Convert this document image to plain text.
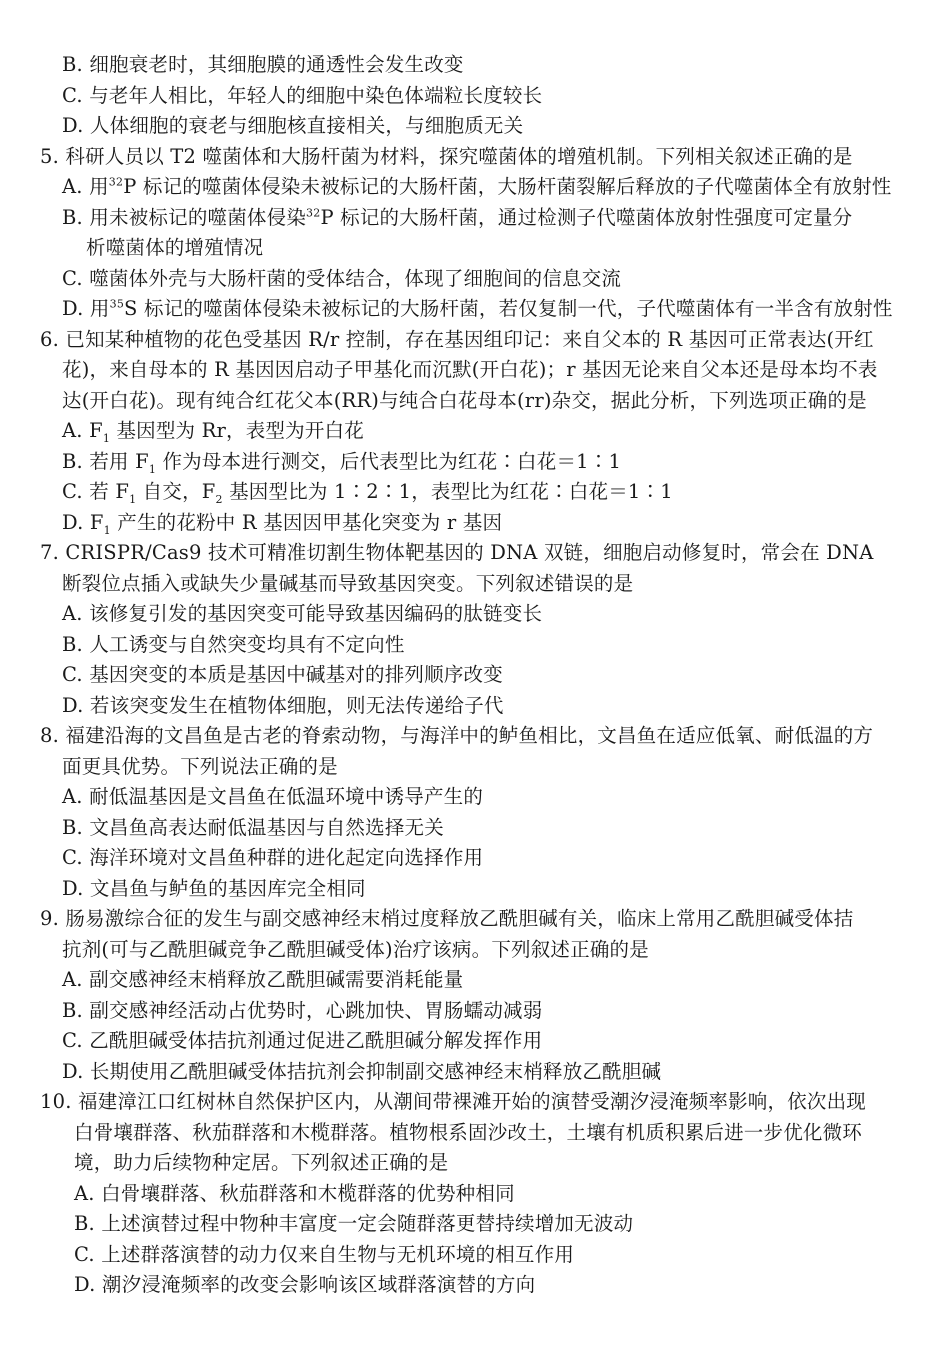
B. 细胞衰老时，其细胞膜的通透性会发生改变
C. 与老年人相比，年轻人的细胞中染色体端粒长度较长
D. 人体细胞的衰老与细胞核直接相关，与细胞质无关
5. 科研人员以 T2 噬菌体和大肠杆菌为材料，探究噬菌体的增殖机制。下列相关叙述正确的是
A. 用$^{32}$P 标记的噬菌体侵染未被标记的大肠杆菌，大肠杆菌裂解后释放的子代噬菌体全有放射性
B. 用未被标记的噬菌体侵染$^{32}$P 标记的大肠杆菌，通过检测子代噬菌体放射性强度可定量分
析噬菌体的增殖情况
C. 噬菌体外壳与大肠杆菌的受体结合，体现了细胞间的信息交流
D. 用$^{35}$S 标记的噬菌体侵染未被标记的大肠杆菌，若仅复制一代，子代噬菌体有一半含有放射性
6. 已知某种植物的花色受基因 R/r 控制，存在基因组印记：来自父本的 R 基因可正常表达(开红
花)，来自母本的 R 基因因启动子甲基化而沉默(开白花)；r 基因无论来自父本还是母本均不表
达(开白花)。现有纯合红花父本(RR)与纯合白花母本(rr)杂交，据此分析，下列选项正确的是
A. $F_1$ 基因型为 Rr，表型为开白花
B. 若用 $F_1$ 作为母本进行测交，后代表型比为红花∶白花＝1∶1
C. 若 $F_1$ 自交，$F_2$ 基因型比为 1∶2∶1，表型比为红花∶白花＝1∶1
D. $F_1$ 产生的花粉中 R 基因因甲基化突变为 r 基因
7. CRISPR/Cas9 技术可精准切割生物体靶基因的 DNA 双链，细胞启动修复时，常会在 DNA
断裂位点插入或缺失少量碱基而导致基因突变。下列叙述错误的是
A. 该修复引发的基因突变可能导致基因编码的肽链变长
B. 人工诱变与自然突变均具有不定向性
C. 基因突变的本质是基因中碱基对的排列顺序改变
D. 若该突变发生在植物体细胞，则无法传递给子代
8. 福建沿海的文昌鱼是古老的脊索动物，与海洋中的鲈鱼相比，文昌鱼在适应低氧、耐低温的方
面更具优势。下列说法正确的是
A. 耐低温基因是文昌鱼在低温环境中诱导产生的
B. 文昌鱼高表达耐低温基因与自然选择无关
C. 海洋环境对文昌鱼种群的进化起定向选择作用
D. 文昌鱼与鲈鱼的基因库完全相同
9. 肠易激综合征的发生与副交感神经末梢过度释放乙酰胆碱有关，临床上常用乙酰胆碱受体拮
抗剂(可与乙酰胆碱竞争乙酰胆碱受体)治疗该病。下列叙述正确的是
A. 副交感神经末梢释放乙酰胆碱需要消耗能量
B. 副交感神经活动占优势时，心跳加快、胃肠蠕动减弱
C. 乙酰胆碱受体拮抗剂通过促进乙酰胆碱分解发挥作用
D. 长期使用乙酰胆碱受体拮抗剂会抑制副交感神经末梢释放乙酰胆碱
10. 福建漳江口红树林自然保护区内，从潮间带裸滩开始的演替受潮汐浸淹频率影响，依次出现
白骨壤群落、秋茄群落和木榄群落。植物根系固沙改土，土壤有机质积累后进一步优化微环
境，助力后续物种定居。下列叙述正确的是
A. 白骨壤群落、秋茄群落和木榄群落的优势种相同
B. 上述演替过程中物种丰富度一定会随群落更替持续增加无波动
C. 上述群落演替的动力仅来自生物与无机环境的相互作用
D. 潮汐浸淹频率的改变会影响该区域群落演替的方向
